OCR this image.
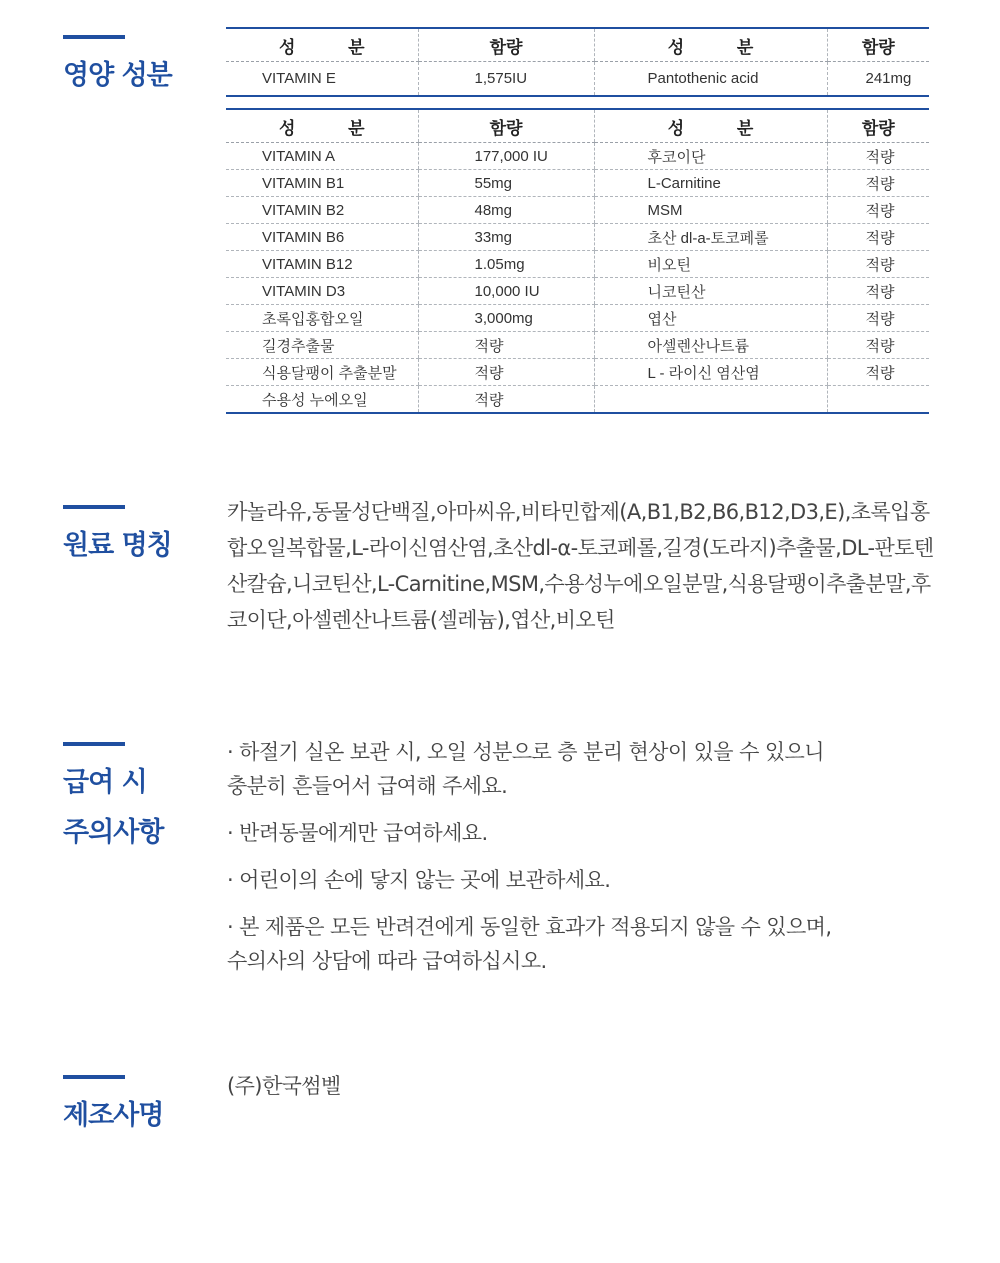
영양 성분
원료 명칭
급여 시
주의사항
제조사명
성 분	함량	성 분	함량
VITAMIN E	1,575IU	Pantothenic acid	241mg
성 분	함량	성 분	함량
VITAMIN A	177,000 IU	후코이단	적량
VITAMIN B1	55mg	L-Carnitine	적량
VITAMIN B2	48mg	MSM	적량
VITAMIN B6	33mg	초산 dl-a-토코페롤	적량
VITAMIN B12	1.05mg	비오틴	적량
VITAMIN D3	10,000 IU	니코틴산	적량
초록입홍합오일	3,000mg	엽산	적량
길경추출물	적량	아셀렌산나트륨	적량
식용달팽이 추출분말	적량	L - 라이신 염산염	적량
수용성 누에오일	적량		
카놀라유,동물성단백질,아마씨유,비타민합제(A,B1,B2,B6,B12,D3,E),초록입홍합오일복합물,L-라이신염산염,초산dl-α-토코페롤,길경(도라지)추출물,DL-판토텐산칼슘,니코틴산,L-Carnitine,MSM,수용성누에오일분말,식용달팽이추출분말,후코이단,아셀렌산나트륨(셀레늄),엽산,비오틴
· 하절기 실온 보관 시, 오일 성분으로 층 분리 현상이 있을 수 있으니
충분히 흔들어서 급여해 주세요.
· 반려동물에게만 급여하세요.
· 어린이의 손에 닿지 않는 곳에 보관하세요.
· 본 제품은 모든 반려견에게 동일한 효과가 적용되지 않을 수 있으며,
수의사의 상담에 따라 급여하십시오.
(주)한국썸벨
